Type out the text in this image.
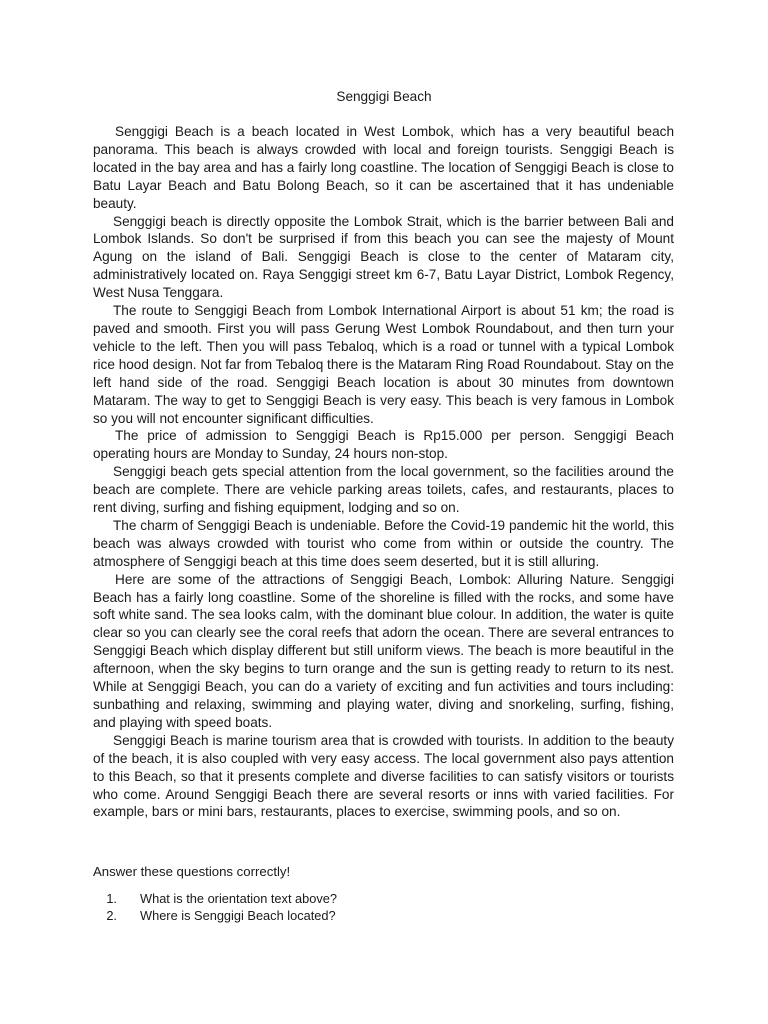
Senggigi Beach

Senggigi Beach is a beach located in West Lombok, which has a very beautiful beach panorama. This beach is always crowded with local and foreign tourists. Senggigi Beach is located in the bay area and has a fairly long coastline. The location of Senggigi Beach is close to Batu Layar Beach and Batu Bolong Beach, so it can be ascertained that it has undeniable beauty.

Senggigi beach is directly opposite the Lombok Strait, which is the barrier between Bali and Lombok Islands. So don't be surprised if from this beach you can see the majesty of Mount Agung on the island of Bali. Senggigi Beach is close to the center of Mataram city, administratively located on. Raya Senggigi street km 6-7, Batu Layar District, Lombok Regency, West Nusa Tenggara.

The route to Senggigi Beach from Lombok International Airport is about 51 km; the road is paved and smooth. First you will pass Gerung West Lombok Roundabout, and then turn your vehicle to the left. Then you will pass Tebaloq, which is a road or tunnel with a typical Lombok rice hood design. Not far from Tebaloq there is the Mataram Ring Road Roundabout. Stay on the left hand side of the road. Senggigi Beach location is about 30 minutes from downtown Mataram. The way to get to Senggigi Beach is very easy. This beach is very famous in Lombok so you will not encounter significant difficulties.

The price of admission to Senggigi Beach is Rp15.000 per person. Senggigi Beach operating hours are Monday to Sunday, 24 hours non-stop.

Senggigi beach gets special attention from the local government, so the facilities around the beach are complete. There are vehicle parking areas toilets, cafes, and restaurants, places to rent diving, surfing and fishing equipment, lodging and so on.

The charm of Senggigi Beach is undeniable. Before the Covid-19 pandemic hit the world, this beach was always crowded with tourist who come from within or outside the country. The atmosphere of Senggigi beach at this time does seem deserted, but it is still alluring.

Here are some of the attractions of Senggigi Beach, Lombok: Alluring Nature. Senggigi Beach has a fairly long coastline. Some of the shoreline is filled with the rocks, and some have soft white sand. The sea looks calm, with the dominant blue colour. In addition, the water is quite clear so you can clearly see the coral reefs that adorn the ocean. There are several entrances to Senggigi Beach which display different but still uniform views. The beach is more beautiful in the afternoon, when the sky begins to turn orange and the sun is getting ready to return to its nest. While at Senggigi Beach, you can do a variety of exciting and fun activities and tours including: sunbathing and relaxing, swimming and playing water, diving and snorkeling, surfing, fishing, and playing with speed boats.

Senggigi Beach is marine tourism area that is crowded with tourists. In addition to the beauty of the beach, it is also coupled with very easy access. The local government also pays attention to this Beach, so that it presents complete and diverse facilities to can satisfy visitors or tourists who come. Around Senggigi Beach there are several resorts or inns with varied facilities. For example, bars or mini bars, restaurants, places to exercise, swimming pools, and so on.

Answer these questions correctly!
1. What is the orientation text above?
2. Where is Senggigi Beach located?
